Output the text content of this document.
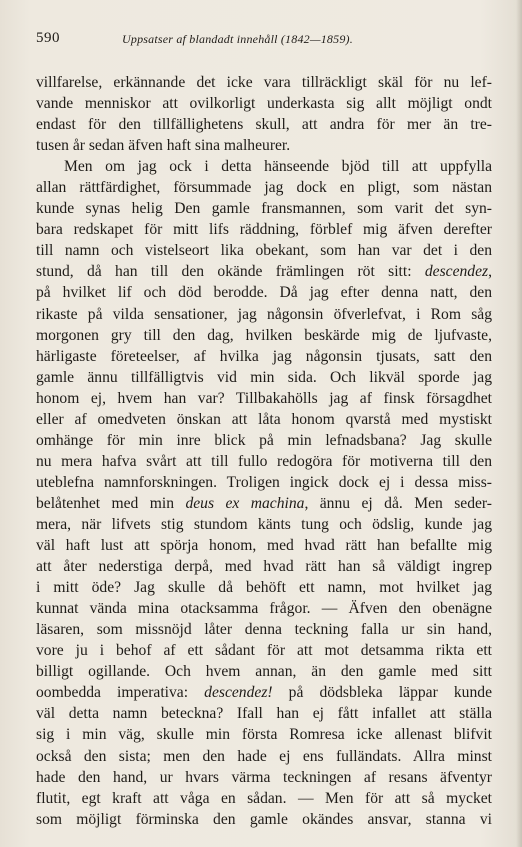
590	Uppsatser af blandadt innehåll (1842—1859).
villfarelse, erkännande det icke vara tillräckligt skäl för nu lef-
vande menniskor att ovilkorligt underkasta sig allt möjligt ondt
endast för den tillfällighetens skull, att andra för mer än tre-
tusen år sedan äfven haft sina malheurer.
Men om jag ock i detta hänseende bjöd till att uppfylla
allan rättfärdighet, försummade jag dock en pligt, som nästan
kunde synas helig Den gamle fransmannen, som varit det syn-
bara redskapet för mitt lifs räddning, förblef mig äfven derefter
till namn och vistelseort lika obekant, som han var det i den
stund, då han till den okände främlingen röt sitt: descendez,
på hvilket lif och död berodde. Då jag efter denna natt, den
rikaste på vilda sensationer, jag någonsin öfverlefvat, i Rom såg
morgonen gry till den dag, hvilken beskärde mig de ljufvaste,
härligaste företeelser, af hvilka jag någonsin tjusats, satt den
gamle ännu tillfälligtvis vid min sida. Och likväl sporde jag
honom ej, hvem han var? Tillbakahölls jag af finsk försagdhet
eller af omedveten önskan att låta honom qvarstå med mystiskt
omhänge för min inre blick på min lefnadsbana? Jag skulle
nu mera hafva svårt att till fullo redogöra för motiverna till den
uteblefna namnforskningen. Troligen ingick dock ej i dessa miss-
belåtenhet med min deus ex machina, ännu ej då. Men seder-
mera, när lifvets stig stundom känts tung och ödslig, kunde jag
väl haft lust att spörja honom, med hvad rätt han befallte mig
att åter nederstiga derpå, med hvad rätt han så väldigt ingrep
i mitt öde? Jag skulle då behöft ett namn, mot hvilket jag
kunnat vända mina otacksamma frågor. — Äfven den obenägne
läsaren, som missnöjd låter denna teckning falla ur sin hand,
vore ju i behof af ett sådant för att mot detsamma rikta ett
billigt ogillande. Och hvem annan, än den gamle med sitt
oombedda imperativa: descendez! på dödsbleka läppar kunde
väl detta namn beteckna? Ifall han ej fått infallet att ställa
sig i min väg, skulle min första Romresa icke allenast blifvit
också den sista; men den hade ej ens fulländats. Allra minst
hade den hand, ur hvars värma teckningen af resans äfventyr
flutit, egt kraft att våga en sådan. — Men för att så mycket
som möjligt förminska den gamle okändes ansvar, stanna vi
